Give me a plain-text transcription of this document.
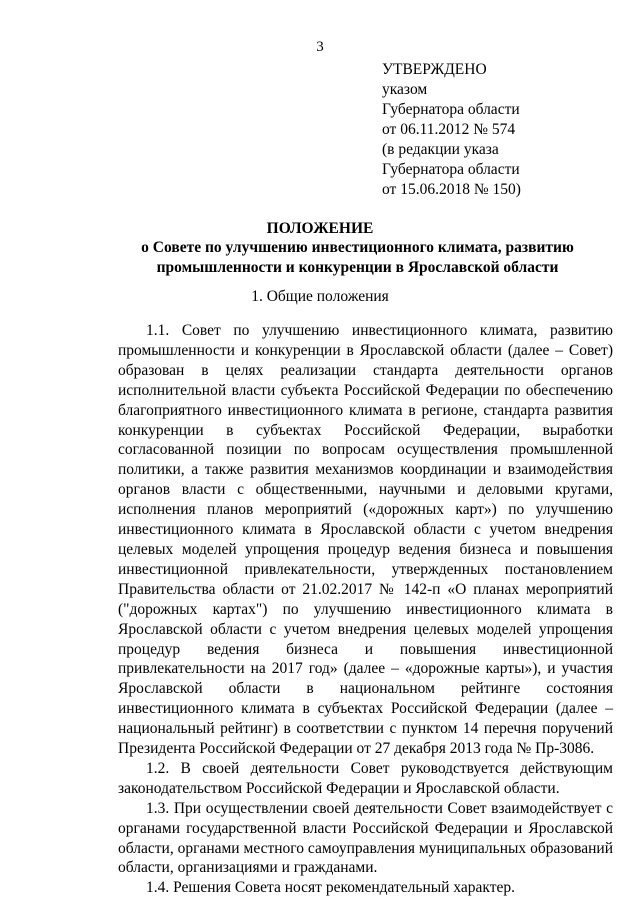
3
УТВЕРЖДЕНО
указом
Губернатора области
от 06.11.2012 № 574
(в редакции указа
Губернатора области
от 15.06.2018 № 150)
ПОЛОЖЕНИЕ
о Совете по улучшению инвестиционного климата, развитию промышленности и конкуренции в Ярославской области
1. Общие положения

1.1. Совет по улучшению инвестиционного климата, развитию промышленности и конкуренции в Ярославской области (далее – Совет) образован в целях реализации стандарта деятельности органов исполнительной власти субъекта Российской Федерации по обеспечению благоприятного инвестиционного климата в регионе, стандарта развития конкуренции в субъектах Российской Федерации, выработки согласованной позиции по вопросам осуществления промышленной политики, а также развития механизмов координации и взаимодействия органов власти с общественными, научными и деловыми кругами, исполнения планов мероприятий («дорожных карт») по улучшению инвестиционного климата в Ярославской области с учетом внедрения целевых моделей упрощения процедур ведения бизнеса и повышения инвестиционной привлекательности, утвержденных постановлением Правительства области от 21.02.2017 № 142-п «О планах мероприятий ("дорожных картах") по улучшению инвестиционного климата в Ярославской области с учетом внедрения целевых моделей упрощения процедур ведения бизнеса и повышения инвестиционной привлекательности на 2017 год» (далее – «дорожные карты»), и участия Ярославской области в национальном рейтинге состояния инвестиционного климата в субъектах Российской Федерации (далее – национальный рейтинг) в соответствии с пунктом 14 перечня поручений Президента Российской Федерации от 27 декабря 2013 года № Пр-3086.

1.2. В своей деятельности Совет руководствуется действующим законодательством Российской Федерации и Ярославской области.

1.3. При осуществлении своей деятельности Совет взаимодействует с органами государственной власти Российской Федерации и Ярославской области, органами местного самоуправления муниципальных образований области, организациями и гражданами.

1.4. Решения Совета носят рекомендательный характер.
